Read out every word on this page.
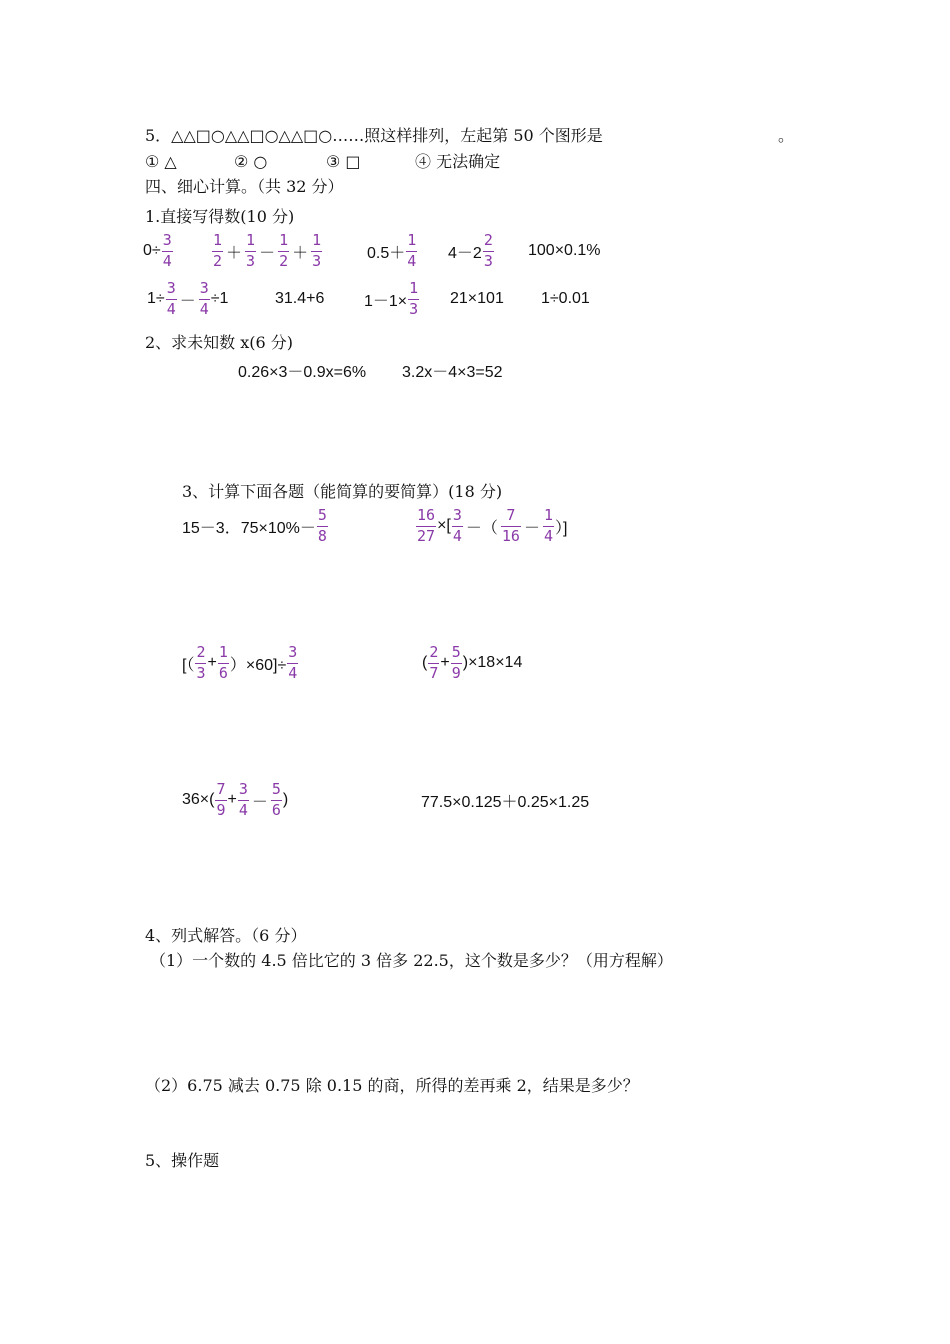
5．△△□○△△□○△△□○……照这样排列，左起第 50 个图形是	。
① △	② ○	③ □	④ 无法确定
四、细心计算。（共 32 分）
1.直接写得数(10 分)
$0\div \frac{3}{4}$	$\frac{1}{2} + \frac{1}{3} - \frac{1}{2} + \frac{1}{3}$	$0.5+ \frac{1}{4} 4-2 \frac{2}{3} 100\times 0.1\%$
$1\div \frac{3}{4} - \frac{3}{4} \div 1$	31.4+6 $1-1\times \frac{1}{3} 21\times 101$ 1÷0.01
2、求未知数 x(6 分)
0.26×3－0.9x=6% 3.2x－4×3=52
3、计算下面各题（能简算的要简算）(18 分)
15－3．$75\times 10\%- \frac{5}{8}$	$\frac{16}{27}$ ×[ $\frac{3}{4}$ －（ $\frac{7}{16} - \frac{1}{4}$ ）]
[（ $\frac{2}{3} + \frac{1}{6} )\times 60]\div \frac{3}{4}$	( $\frac{2}{7} + \frac{5}{9} )\times 18\times 14$
$36\times( \frac{7}{9} + \frac{3}{4} - \frac{5}{6}$ )	77.5×0.125＋0.25×1.25
4、列式解答。（6 分）
（1）一个数的 4.5 倍比它的 3 倍多 22.5，这个数是多少？（用方程解）
（2）6.75 减去 0.75 除 0.15 的商，所得的差再乘 2，结果是多少？
5、操作题
